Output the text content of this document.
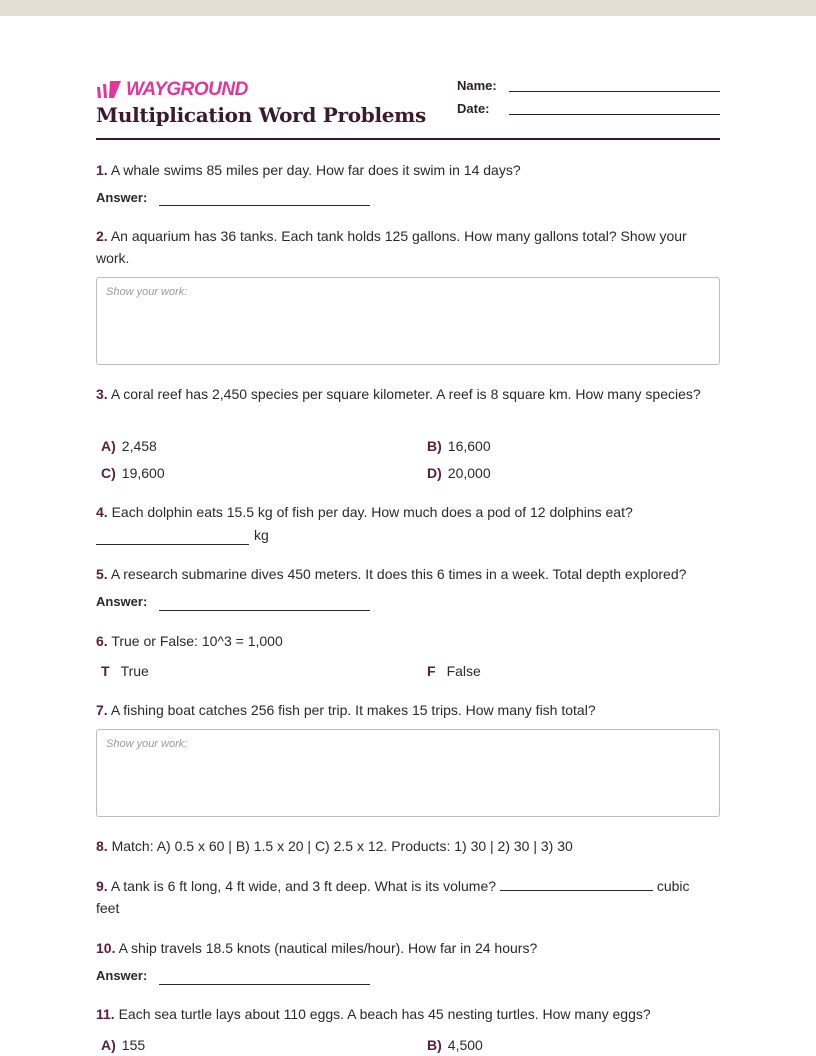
WAYGROUND
Multiplication Word Problems
Name:
Date:
1. A whale swims 85 miles per day. How far does it swim in 14 days?
Answer:
2. An aquarium has 36 tanks. Each tank holds 125 gallons. How many gallons total? Show your work.
Show your work:
3. A coral reef has 2,450 species per square kilometer. A reef is 8 square km. How many species?
A) 2,458	B) 16,600
C) 19,600	D) 20,000
4. Each dolphin eats 15.5 kg of fish per day. How much does a pod of 12 dolphins eat?
kg
5. A research submarine dives 450 meters. It does this 6 times in a week. Total depth explored?
Answer:
6. True or False: 10^3 = 1,000
T True	F False
7. A fishing boat catches 256 fish per trip. It makes 15 trips. How many fish total?
Show your work:
8. Match: A) 0.5 x 60 | B) 1.5 x 20 | C) 2.5 x 12. Products: 1) 30 | 2) 30 | 3) 30
9. A tank is 6 ft long, 4 ft wide, and 3 ft deep. What is its volume?	cubic feet
10. A ship travels 18.5 knots (nautical miles/hour). How far in 24 hours?
Answer:
11. Each sea turtle lays about 110 eggs. A beach has 45 nesting turtles. How many eggs?
A) 155	B) 4,500
